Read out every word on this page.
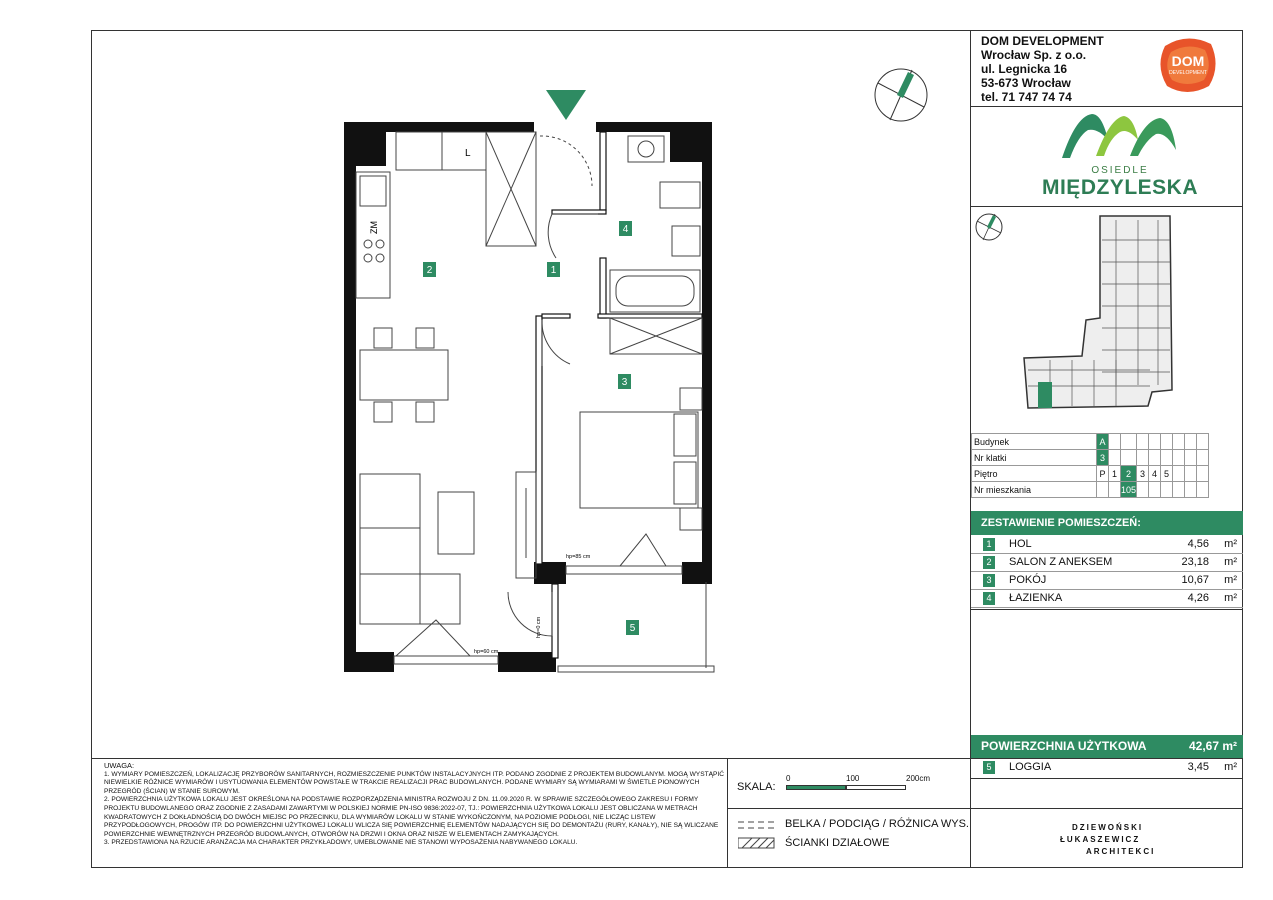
DOM DEVELOPMENT
Wrocław Sp. z o.o.
ul. Legnicka 16
53-673 Wrocław
tel. 71 747 74 74
DOM
DEVELOPMENT
OSIEDLE
MIĘDZYLESKA
Budynek	A								
Nr klatki	3								
Piętro	P	1	2	3	4	5			
Nr mieszkania			105						
ZESTAWIENIE POMIESZCZEŃ:
1	HOL	4,56 m²
2	SALON Z ANEKSEM	23,18 m²
3	POKÓJ	10,67 m²
4	ŁAZIENKA	4,26 m²
POWIERZCHNIA UŻYTKOWA	42,67 m²
5	LOGGIA	3,45 m²
L
ZM
1
2
3
4
5
hp=85 cm
hp=60 cm
hp=0 cm
UWAGA:
1. WYMIARY POMIESZCZEŃ, LOKALIZACJĘ PRZYBORÓW SANITARNYCH, ROZMIESZCZENIE PUNKTÓW INSTALACYJNYCH ITP. PODANO ZGODNIE Z PROJEKTEM BUDOWLANYM. MOGĄ WYSTĄPIĆ NIEWIELKIE RÓŻNICE WYMIARÓW I USYTUOWANIA ELEMENTÓW POWSTAŁE W TRAKCIE REALIZACJI PRAC BUDOWLANYCH. PODANE WYMIARY SĄ WYMIARAMI W ŚWIETLE PIONOWYCH PRZEGRÓD (ŚCIAN) W STANIE SUROWYM.
2. POWIERZCHNIA UŻYTKOWA LOKALU JEST OKREŚLONA NA PODSTAWIE ROZPORZĄDZENIA MINISTRA ROZWOJU Z DN. 11.09.2020 R. W SPRAWIE SZCZEGÓŁOWEGO ZAKRESU I FORMY PROJEKTU BUDOWLANEGO ORAZ ZGODNIE Z ZASADAMI ZAWARTYMI W POLSKIEJ NORMIE PN-ISO 9836:2022-07, TJ.: POWIERZCHNIA UŻYTKOWA LOKALU JEST OBLICZANA W METRACH KWADRATOWYCH Z DOKŁADNOŚCIĄ DO DWÓCH MIEJSC PO PRZECINKU, DLA WYMIARÓW LOKALU W STANIE WYKOŃCZONYM, NA POZIOMIE PODŁOGI, NIE LICZĄC LISTEW PRZYPODŁOGOWYCH, PROGÓW ITP. DO POWIERZCHNI UŻYTKOWEJ LOKALU WLICZA SIĘ POWIERZCHNIĘ ELEMENTÓW NADAJĄCYCH SIĘ DO DEMONTAŻU (RURY, KANAŁY), NIE SĄ WLICZANE POWIERZCHNIE WEWNĘTRZNYCH PRZEGRÓD BUDOWLANYCH, OTWORÓW NA DRZWI I OKNA ORAZ NISZE W ELEMENTACH ZAMYKAJĄCYCH.
3. PRZEDSTAWIONA NA RZUCIE ARANŻACJA MA CHARAKTER PRZYKŁADOWY, UMEBLOWANIE NIE STANOWI WYPOSAŻENIA NABYWANEGO LOKALU.
SKALA:
0	100	200cm
BELKA / PODCIĄG / RÓŻNICA WYS.
ŚCIANKI DZIAŁOWE
DZIEWOŃSKI
ŁUKASZEWICZ
ARCHITEKCI
